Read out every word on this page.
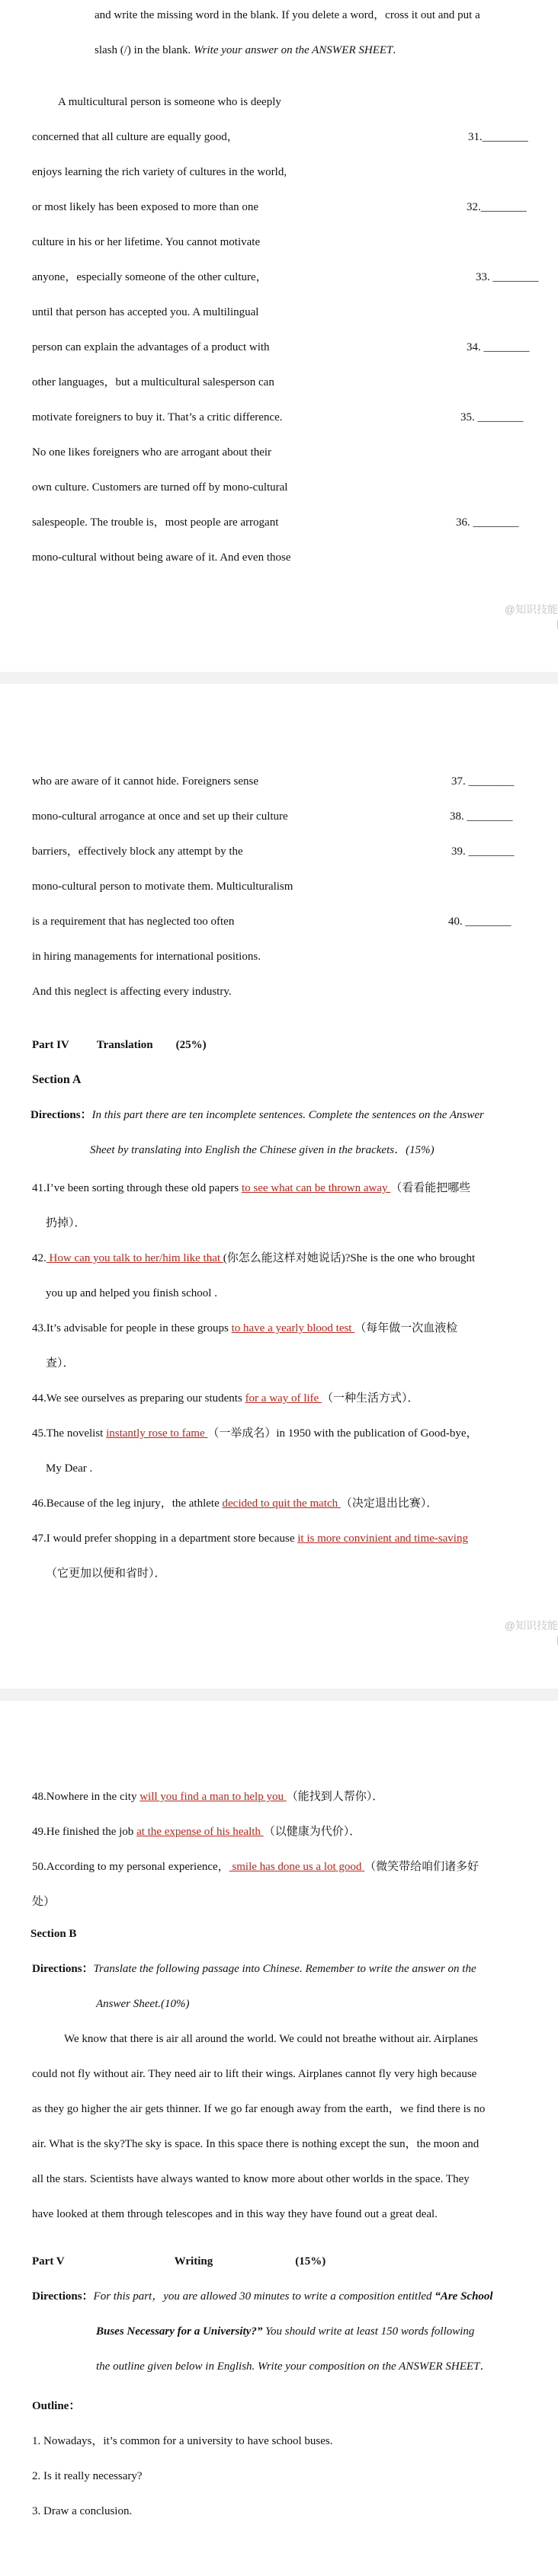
and write the missing word in the blank. If you delete a word，cross it out and put a
slash (/) in the blank. Write your answer on the ANSWER SHEET.
A multicultural person is someone who is deeply
concerned that all culture are equally good，
enjoys learning the rich variety of cultures in the world,
or most likely has been exposed to more than one
culture in his or her lifetime. You cannot motivate
anyone，especially someone of the other culture，
until that person has accepted you. A multilingual
person can explain the advantages of a product with
other languages，but a multicultural salesperson can
motivate foreigners to buy it. That’s a critic difference.
No one likes foreigners who are arrogant about their
own culture. Customers are turned off by mono-cultural
salespeople. The trouble is，most people are arrogant
mono-cultural without being aware of it. And even those
31.________
32.________
33. ________
34. ________
35. ________
36. ________
@知识技能
who are aware of it cannot hide. Foreigners sense
mono-cultural arrogance at once and set up their culture
barriers，effectively block any attempt by the
mono-cultural person to motivate them. Multiculturalism
is a requirement that has neglected too often
in hiring managements for international positions.
And this neglect is affecting every industry.
37. ________
38. ________
39. ________
40. ________
Part IV Translation (25%)
Section A
Directions：In this part there are ten incomplete sentences. Complete the sentences on the Answer
Sheet by translating into English the Chinese given in the brackets．(15%)
41.I’ve been sorting through these old papers to see what can be thrown away （看看能把哪些
扔掉）．
42. How can you talk to her/him like that (你怎么能这样对她说话)?She is the one who brought
you up and helped you finish school .
43.It’s advisable for people in these groups to have a yearly blood test （每年做一次血液检
查）．
44.We see ourselves as preparing our students for a way of life （一种生活方式）．
45.The novelist instantly rose to fame （一举成名）in 1950 with the publication of Good-bye，
My Dear .
46.Because of the leg injury，the athlete decided to quit the match （决定退出比赛）．
47.I would prefer shopping in a department store because it is more convinient and time-saving
（它更加以便和省时）．
@知识技能
48.Nowhere in the city will you find a man to help you （能找到人帮你）．
49.He finished the job at the expense of his health （以健康为代价）．
50.According to my personal experience， smile has done us a lot good （微笑带给咱们诸多好
处）
Section B
Directions：Translate the following passage into Chinese. Remember to write the answer on the
Answer Sheet.(10%)
We know that there is air all around the world. We could not breathe without air. Airplanes
could not fly without air. They need air to lift their wings. Airplanes cannot fly very high because
as they go higher the air gets thinner. If we go far enough away from the earth，we find there is no
air. What is the sky?The sky is space. In this space there is nothing except the sun，the moon and
all the stars. Scientists have always wanted to know more about other worlds in the space. They
have looked at them through telescopes and in this way they have found out a great deal.
Part V	Writing	(15%)
Directions：For this part，you are allowed 30 minutes to write a composition entitled “Are School
Buses Necessary for a University?” You should write at least 150 words following
the outline given below in English. Write your composition on the ANSWER SHEET．
Outline：
1. Nowadays，it’s common for a university to have school buses.
2. Is it really necessary?
3. Draw a conclusion.
